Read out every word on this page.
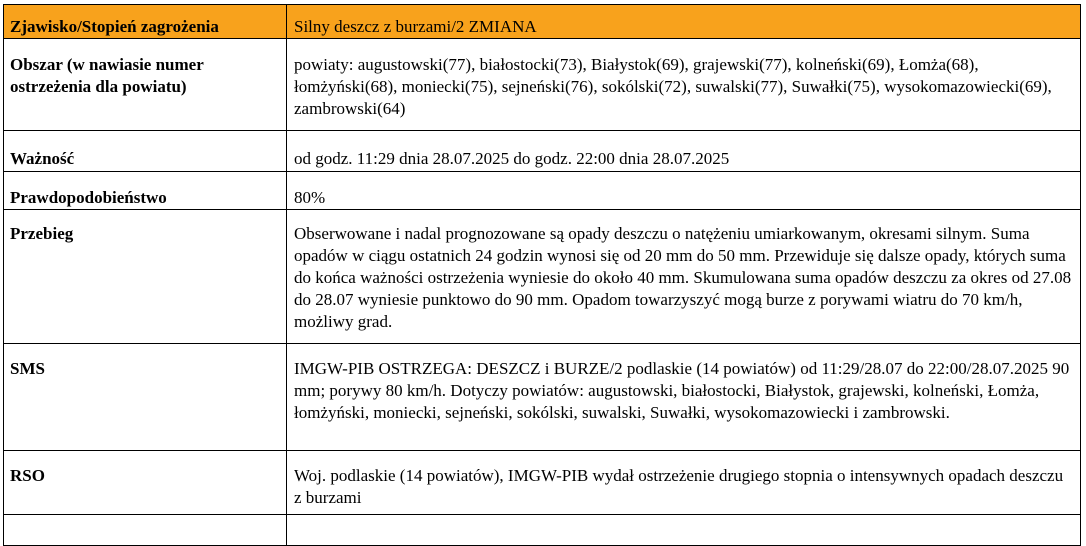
Zjawisko/Stopień zagrożenia	Silny deszcz z burzami/2 ZMIANA
Obszar (w nawiasie numer ostrzeżenia dla powiatu)	powiaty: augustowski(77), białostocki(73), Białystok(69), grajewski(77), kolneński(69), Łomża(68), łomżyński(68), moniecki(75), sejneński(76), sokólski(72), suwalski(77), Suwałki(75), wysokomazowiecki(69), zambrowski(64)
Ważność	od godz. 11:29 dnia 28.07.2025 do godz. 22:00 dnia 28.07.2025
Prawdopodobieństwo	80%
Przebieg	Obserwowane i nadal prognozowane są opady deszczu o natężeniu umiarkowanym, okresami silnym. Suma opadów w ciągu ostatnich 24 godzin wynosi się od 20 mm do 50 mm. Przewiduje się dalsze opady, których suma do końca ważności ostrzeżenia wyniesie do około 40 mm. Skumulowana suma opadów deszczu za okres od 27.08 do 28.07 wyniesie punktowo do 90 mm. Opadom towarzyszyć mogą burze z porywami wiatru do 70 km/h, możliwy grad.
SMS	IMGW-PIB OSTRZEGA: DESZCZ i BURZE/2 podlaskie (14 powiatów) od 11:29/28.07 do 22:00/28.07.2025 90 mm; porywy 80 km/h. Dotyczy powiatów: augustowski, białostocki, Białystok, grajewski, kolneński, Łomża, łomżyński, moniecki, sejneński, sokólski, suwalski, Suwałki, wysokomazowiecki i zambrowski.
RSO	Woj. podlaskie (14 powiatów), IMGW-PIB wydał ostrzeżenie drugiego stopnia o intensywnych opadach deszczu z burzami
